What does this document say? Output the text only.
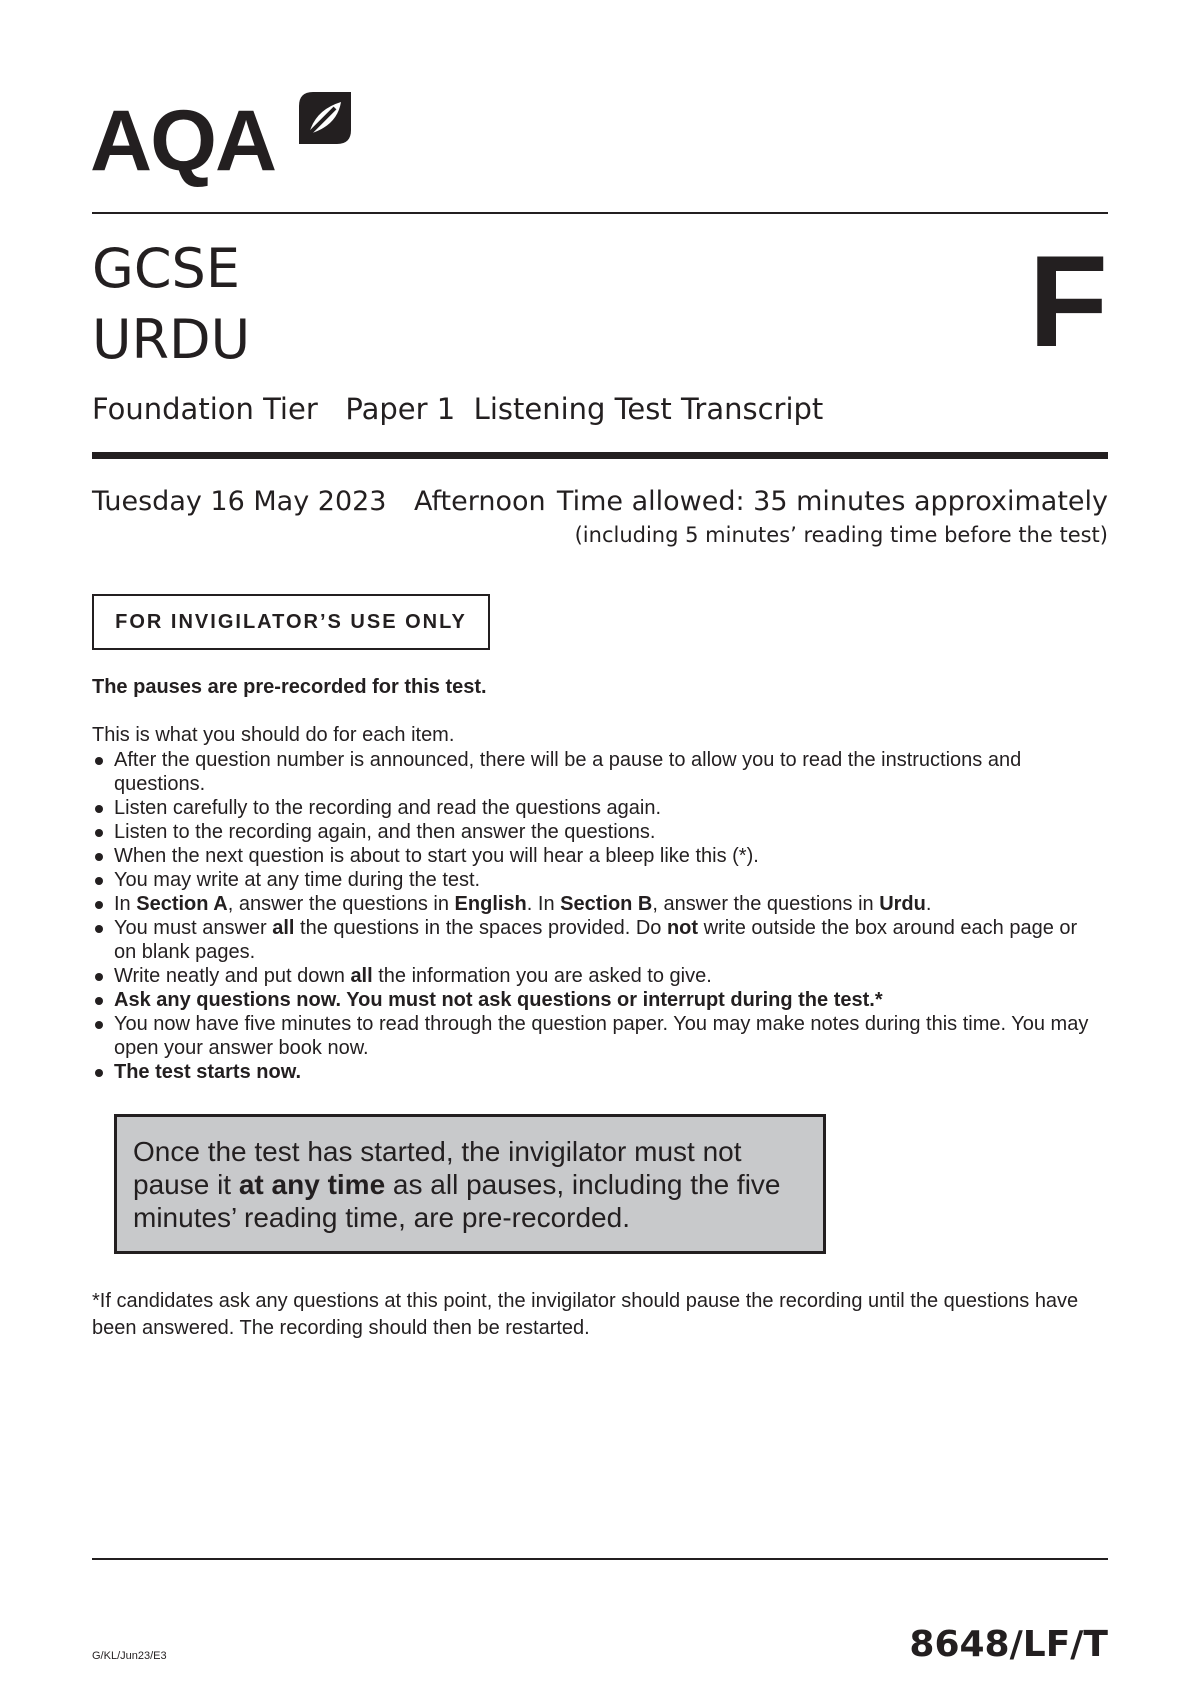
AQA
GCSE
URDU	F
Foundation Tier Paper 1 Listening Test Transcript
Tuesday 16 May 2023 Afternoon Time allowed: 35 minutes approximately
(including 5 minutes’ reading time before the test)
FOR INVIGILATOR’S USE ONLY
The pauses are pre-recorded for this test.
This is what you should do for each item.
After the question number is announced, there will be a pause to allow you to read the instructions and questions.
Listen carefully to the recording and read the questions again.
Listen to the recording again, and then answer the questions.
When the next question is about to start you will hear a bleep like this (*).
You may write at any time during the test.
In Section A, answer the questions in English. In Section B, answer the questions in Urdu.
You must answer all the questions in the spaces provided. Do not write outside the box around each page or on blank pages.
Write neatly and put down all the information you are asked to give.
Ask any questions now. You must not ask questions or interrupt during the test.*
You now have five minutes to read through the question paper. You may make notes during this time. You may open your answer book now.
The test starts now.
Once the test has started, the invigilator must not pause it at any time as all pauses, including the five minutes’ reading time, are pre-recorded.
*If candidates ask any questions at this point, the invigilator should pause the recording until the questions have been answered. The recording should then be restarted.
G/KL/Jun23/E3	8648/LF/T
